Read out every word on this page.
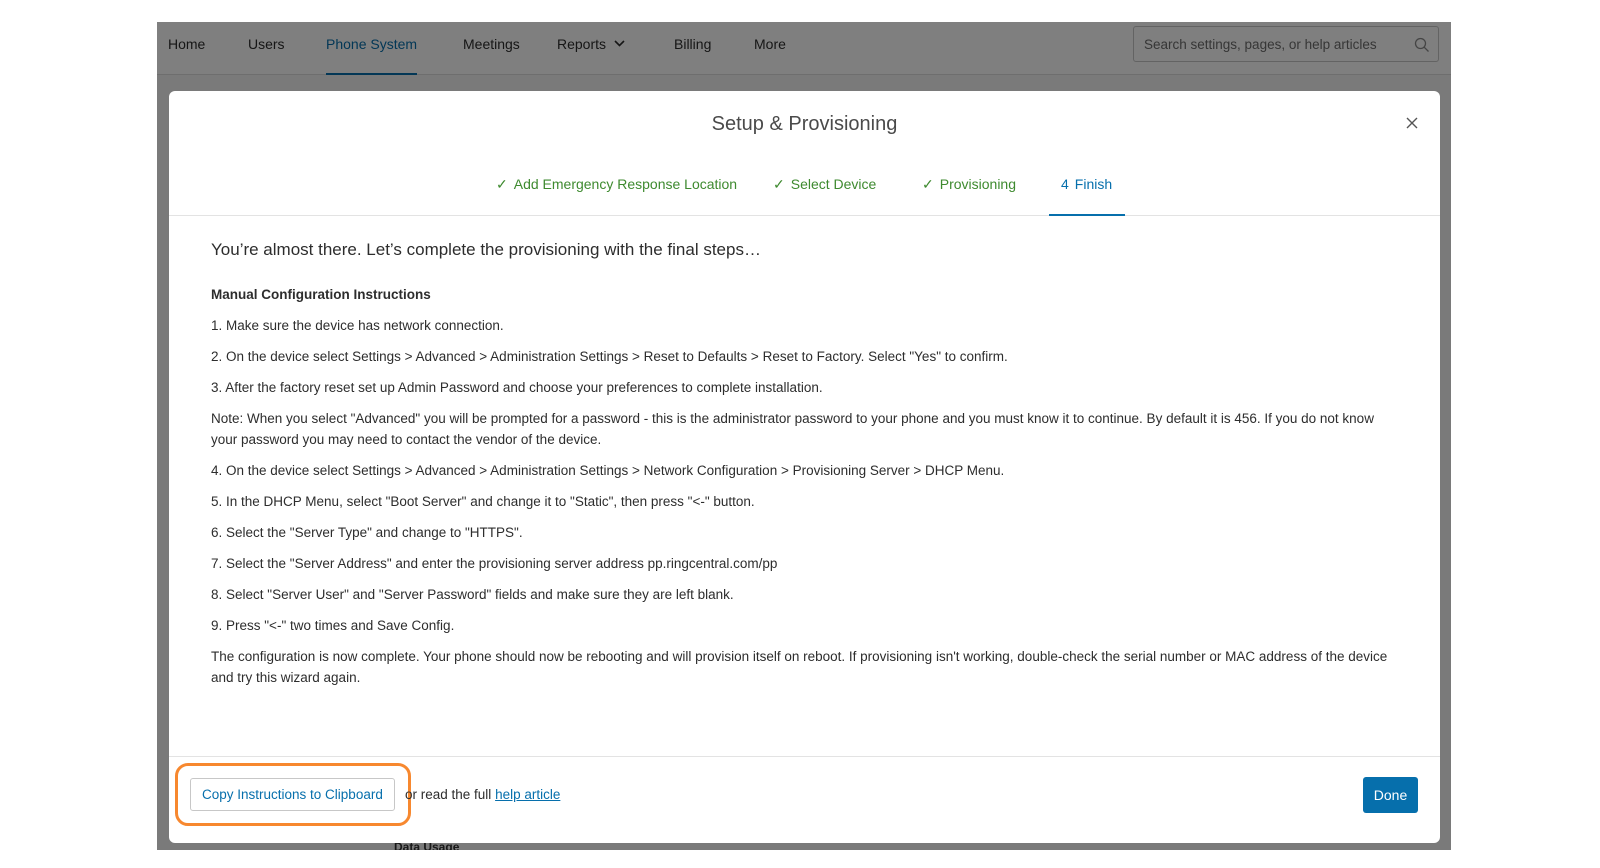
Search settings, pages, or help articles
Setup & Provisioning
✓ Add Emergency Response Location	✓ Select Device	✓ Provisioning	4 Finish
You’re almost there. Let’s complete the provisioning with the final steps…
Manual Configuration Instructions
1. Make sure the device has network connection.
2. On the device select Settings > Advanced > Administration Settings > Reset to Defaults > Reset to Factory. Select "Yes" to confirm.
3. After the factory reset set up Admin Password and choose your preferences to complete installation.
Note: When you select "Advanced" you will be prompted for a password - this is the administrator password to your phone and you must know it to continue. By default it is 456. If you do not know your password you may need to contact the vendor of the device.
4. On the device select Settings > Advanced > Administration Settings > Network Configuration > Provisioning Server > DHCP Menu.
5. In the DHCP Menu, select "Boot Server" and change it to "Static", then press "<-" button.
6. Select the "Server Type" and change to "HTTPS".
7. Select the "Server Address" and enter the provisioning server address pp.ringcentral.com/pp
8. Select "Server User" and "Server Password" fields and make sure they are left blank.
9. Press "<-" two times and Save Config.
The configuration is now complete. Your phone should now be rebooting and will provision itself on reboot. If provisioning isn't working, double-check the serial number or MAC address of the device and try this wizard again.
Copy Instructions to Clipboard	or read the full help article	Done
